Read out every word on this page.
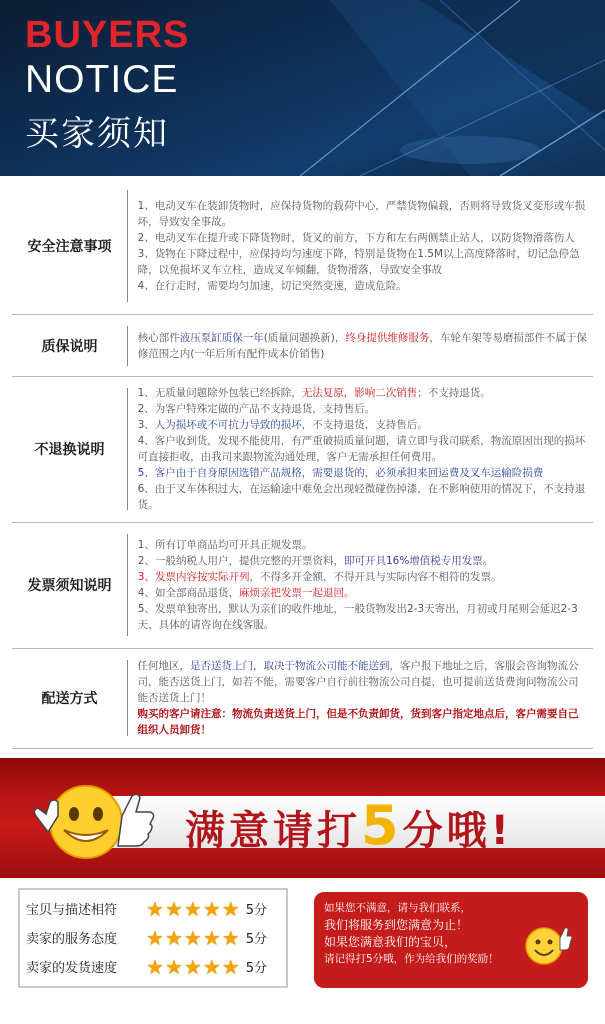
BUYERS
NOTICE
买家须知
安全注意事项

1、电动叉车在装卸货物时，应保持货物的载荷中心，严禁货物偏载，否则将导致货叉变形或车损坏，导致安全事故。

2、电动叉车在提升或下降货物时，货叉的前方，下方和左右两侧禁止站人，以防货物滑落伤人

3、货物在下降过程中，应保持均匀速度下降，特别是货物在1.5M以上高度降落时，切记急停急降，以免损坏叉车立柱，造成叉车倾翻，货物滑落，导致安全事故

4、在行走时，需要均匀加速，切记突然变速，造成危险。

质保说明

核心部件液压泵缸质保一年(质量问题换新)，终身提供维修服务，车轮车架等易磨损部件不属于保修范围之内(一年后所有配件成本价销售)

不退换说明

1、无质量问题除外包装已经拆除，无法复原，影响二次销售；不支持退货。

2、为客户特殊定做的产品不支持退货，支持售后。

3、人为损坏或不可抗力导致的损坏，不支持退货，支持售后。

4、客户收到货，发现不能使用，有严重破损质量问题，请立即与我司联系，物流原因出现的损坏可直接拒收，由我司来跟物流沟通处理，客户无需承担任何费用。

5、客户由于自身原因选错产品规格，需要退货的，必须承担来回运费及叉车运输险损费

6、由于叉车体积过大，在运输途中难免会出现轻微碰伤掉漆，在不影响使用的情况下，不支持退货。

发票须知说明

1、所有订单商品均可开具正规发票。

2、一般纳税人用户，提供完整的开票资料，即可开具16%增值税专用发票。

3、发票内容按实际开列，不得多开金额，不得开具与实际内容不相符的发票。

4、如全部商品退货，麻烦亲把发票一起退回。

5、发票单独寄出，默认为亲们的收件地址，一般货物发出2-3天寄出，月初或月尾则会延迟2-3天，具体的请咨询在线客服。

配送方式

任何地区，是否送货上门，取决于物流公司能不能送到，客户报下地址之后，客服会咨询物流公司，能否送货上门，如若不能，需要客户自行前往物流公司自提，也可提前送货费询问物流公司能否送货上门！

购买的客户请注意：物流负责送货上门，但是不负责卸货，货到客户指定地点后，客户需要自己组织人员卸货！

满意请打5分哦!
宝贝与描述相符	★ ★ ★ ★ ★ 5分
卖家的服务态度	★ ★ ★ ★ ★ 5分
卖家的发货速度	★ ★ ★ ★ ★ 5分

如果您不满意，请与我们联系，

我们将服务到您满意为止！

如果您满意我们的宝贝，

请记得打5分哦，作为给我们的奖励！
